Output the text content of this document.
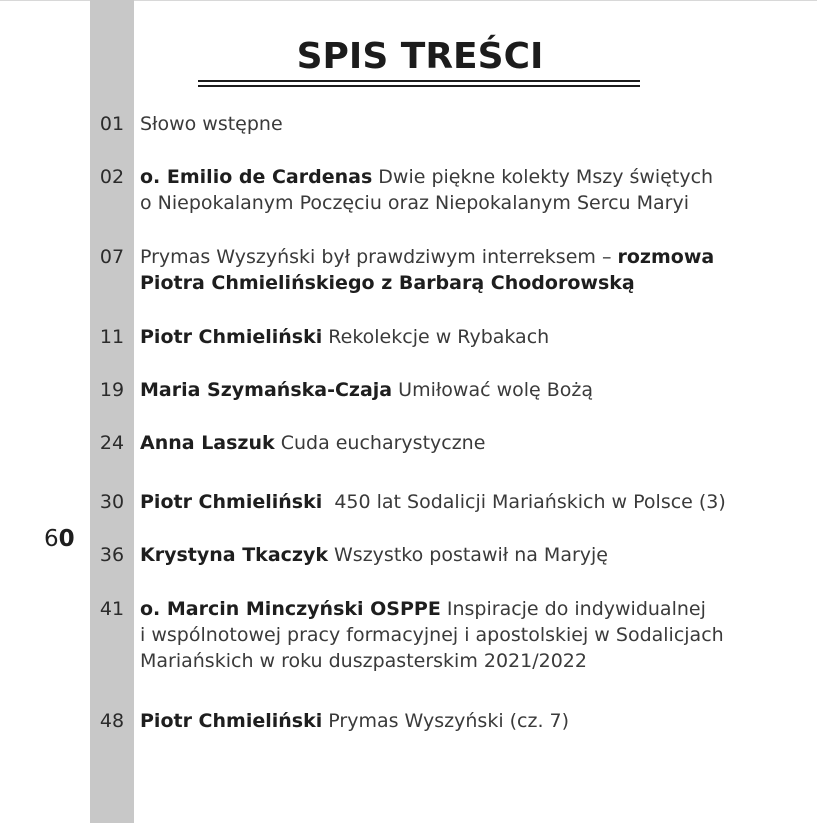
SPIS TREŚCI
60
01 Słowo wstępne
02 o. Emilio de Cardenas Dwie piękne kolekty Mszy świętych
o Niepokalanym Poczęciu oraz Niepokalanym Sercu Maryi
07 Prymas Wyszyński był prawdziwym interreksem – rozmowa
Piotra Chmielińskiego z Barbarą Chodorowską
11 Piotr Chmieliński Rekolekcje w Rybakach
19 Maria Szymańska-Czaja Umiłować wolę Bożą
24 Anna Laszuk Cuda eucharystyczne
30 Piotr Chmieliński  450 lat Sodalicji Mariańskich w Polsce (3)
36 Krystyna Tkaczyk Wszystko postawił na Maryję
41 o. Marcin Minczyński OSPPE Inspiracje do indywidualnej
i wspólnotowej pracy formacyjnej i apostolskiej w Sodalicjach
Mariańskich w roku duszpasterskim 2021/2022
48 Piotr Chmieliński Prymas Wyszyński (cz. 7)
